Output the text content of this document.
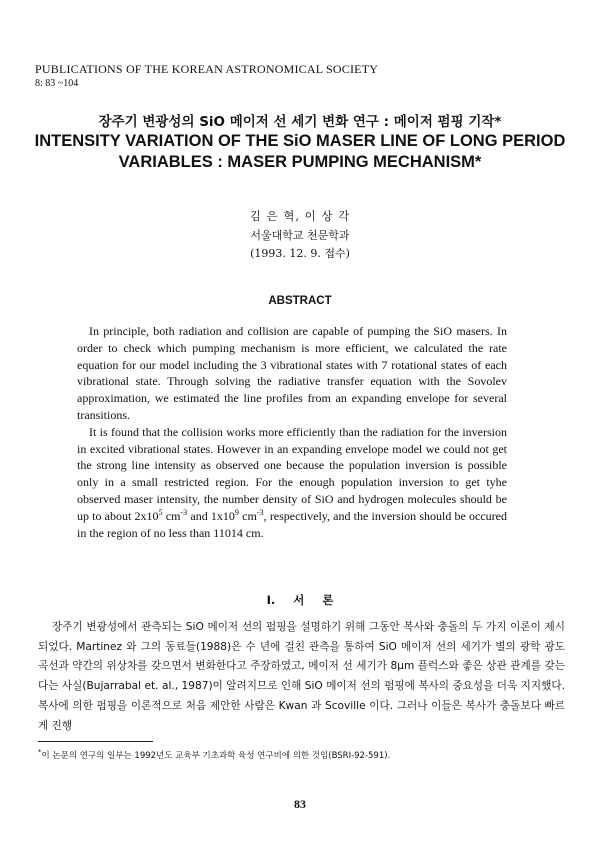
PUBLICATIONS OF THE KOREAN ASTRONOMICAL SOCIETY
8: 83 ~104
장주기 변광성의 SiO 메이저 선 세기 변화 연구 : 메이저 펌핑 기작*
INTENSITY VARIATION OF THE SiO MASER LINE OF LONG PERIOD VARIABLES : MASER PUMPING MECHANISM*
김 은 혁, 이 상 각
서울대학교 천문학과
(1993. 12. 9. 접수)
ABSTRACT

In principle, both radiation and collision are capable of pumping the SiO masers. In order to check which pumping mechanism is more efficient, we calculated the rate equation for our model including the 3 vibrational states with 7 rotational states of each vibrational state. Through solving the radiative transfer equation with the Sovolev approximation, we estimated the line profiles from an expanding envelope for several transitions.

It is found that the collision works more efficiently than the radiation for the inversion in excited vibrational states. However in an expanding envelope model we could not get the strong line intensity as observed one because the population inversion is possible only in a small restricted region. For the enough population inversion to get tyhe observed maser intensity, the number density of SiO and hydrogen molecules should be up to about $2x10^5$ $cm^{-3}$ and $1x10^9$ $cm^{-3}$, respectively, and the inversion should be occured in the region of no less than 11014 cm.

I. 서 론

장주기 변광성에서 관측되는 SiO 메이저 선의 펌핑을 설명하기 위해 그동안 복사와 충돌의 두 가지 이론이 제시되었다. Martinez 와 그의 동료들(1988)은 수 년에 걸친 관측을 통하여 SiO 메이저 선의 세기가 별의 광학 광도 곡선과 약간의 위상차를 갖으면서 변화한다고 주장하였고, 메이저 선 세기가 8μm 플럭스와 좋은 상관 관계를 갖는다는 사실(Bujarrabal et. al., 1987)이 알려지므로 인해 SiO 메이저 선의 펌핑에 복사의 중요성을 더욱 지지했다. 복사에 의한 펌핑을 이론적으로 처음 제안한 사람은 Kwan 과 Scoville 이다. 그러나 이들은 복사가 충돌보다 빠르게 진행

*이 논문의 연구의 일부는 1992년도 교육부 기초과학 육성 연구비에 의한 것임(BSRI-92-591).
83
